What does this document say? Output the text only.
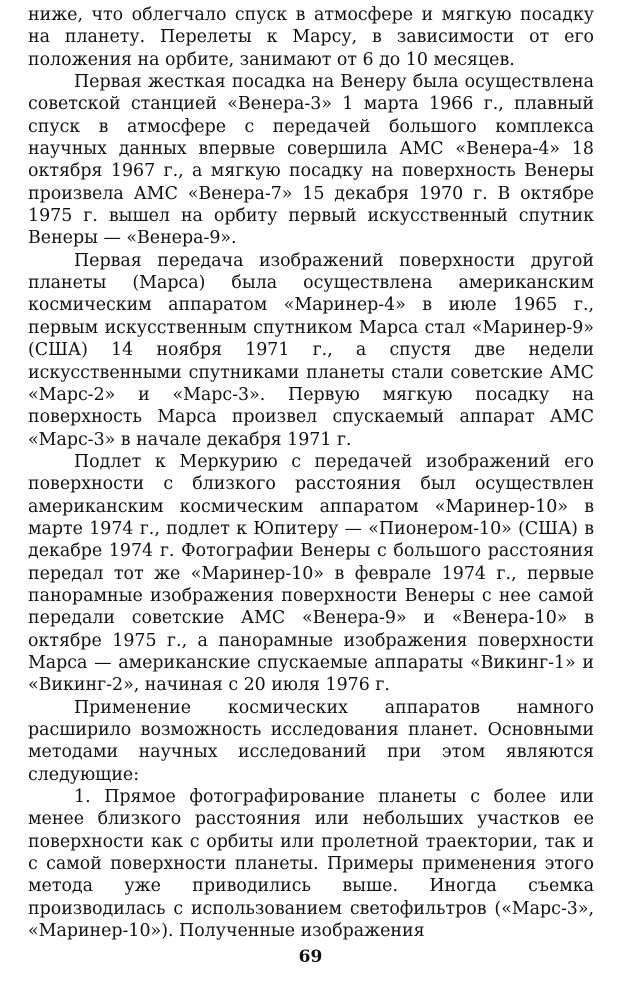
ниже, что облегчало спуск в атмосфере и мягкую посадку на планету. Перелеты к Марсу, в зависимости от его положения на орбите, занимают от 6 до 10 месяцев.

Первая жесткая посадка на Венеру была осуществлена советской станцией «Венера-3» 1 марта 1966 г., плавный спуск в атмосфере с передачей большого комплекса научных данных впервые совершила АМС «Венера-4» 18 октября 1967 г., а мягкую посадку на поверхность Венеры произвела АМС «Венера-7» 15 декабря 1970 г. В октябре 1975 г. вышел на орбиту первый искусственный спутник Венеры — «Венера-9».

Первая передача изображений поверхности другой планеты (Марса) была осуществлена американским космическим аппаратом «Маринер-4» в июле 1965 г., первым искусственным спутником Марса стал «Маринер-9» (США) 14 ноября 1971 г., а спустя две недели искусственными спутниками планеты стали советские АМС «Марс-2» и «Марс-3». Первую мягкую посадку на поверхность Марса произвел спускаемый аппарат АМС «Марс-3» в начале декабря 1971 г.

Подлет к Меркурию с передачей изображений его поверхности с близкого расстояния был осуществлен американским космическим аппаратом «Маринер-10» в марте 1974 г., подлет к Юпитеру — «Пионером-10» (США) в декабре 1974 г. Фотографии Венеры с большого расстояния передал тот же «Маринер-10» в феврале 1974 г., первые панорамные изображения поверхности Венеры с нее самой передали советские АМС «Венера-9» и «Венера-10» в октябре 1975 г., а панорамные изображения поверхности Марса — американские спускаемые аппараты «Викинг-1» и «Викинг-2», начиная с 20 июля 1976 г.

Применение космических аппаратов намного расширило возможность исследования планет. Основными методами научных исследований при этом являются следующие:

1. Прямое фотографирование планеты с более или менее близкого расстояния или небольших участков ее поверхности как с орбиты или пролетной траектории, так и с самой поверхности планеты. Примеры применения этого метода уже приводились выше. Иногда съемка производилась с использованием светофильтров («Марс-3», «Маринер-10»). Полученные изображения

69
